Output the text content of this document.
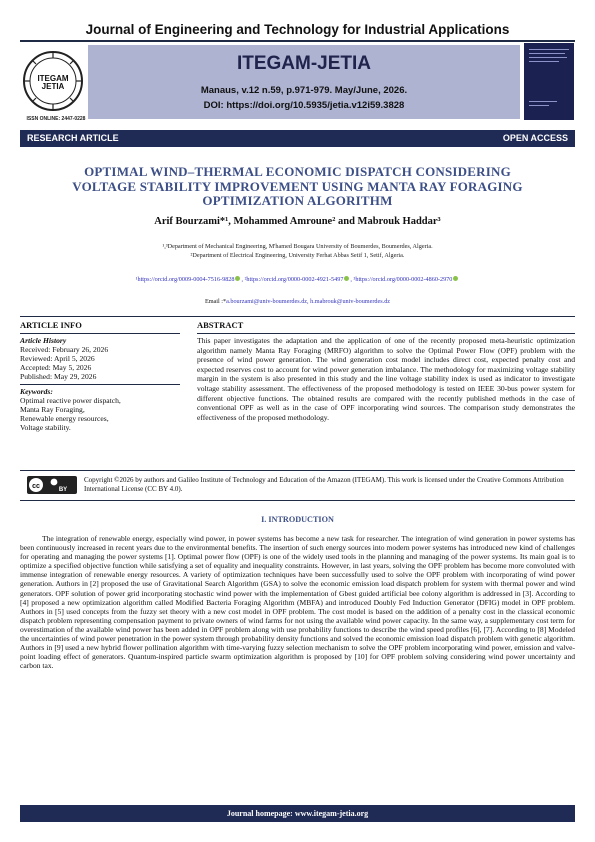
Journal of Engineering and Technology for Industrial Applications
ITEGAM
JETIA
ISSN ONLINE: 2447-0228
ITEGAM-JETIA
Manaus, v.12 n.59, p.971-979. May/June, 2026.
DOI: https://doi.org/10.5935/jetia.v12i59.3828

RESEARCH ARTICLE	OPEN ACCESS
OPTIMAL WIND–THERMAL ECONOMIC DISPATCH CONSIDERING
VOLTAGE STABILITY IMPROVEMENT USING MANTA RAY FORAGING
OPTIMIZATION ALGORITHM
Arif Bourzami*¹, Mohammed Amroune² and Mabrouk Haddar³
¹,³Department of Mechanical Engineering, M'hamed Bougara University of Boumerdes, Boumerdes, Algeria.
²Department of Electrical Engineering, University Ferhat Abbas Setif 1, Setif, Algeria.
¹https://orcid.org/0009-0004-7516-9828 , ²https://orcid.org/0000-0002-4921-5497 , ³https://orcid.org/0000-0002-4860-2970
Email :*a.bourzami@univ-boumerdes.dz, h.mabrouk@univ-boumerdes.dz
ARTICLE INFO	ABSTRACT
Article History
Received: February 26, 2026
Reviewed: April 5, 2026
Accepted: May 5, 2026
Published: May 29, 2026
Keywords:
Optimal reactive power dispatch,
Manta Ray Foraging,
Renewable energy resources,
Voltage stability.
This paper investigates the adaptation and the application of one of the recently proposed meta-heuristic optimization algorithm namely Manta Ray Foraging (MRFO) algorithm to solve the Optimal Power Flow (OPF) problem with the presence of wind power generation. The wind generation cost model includes direct cost, expected penalty cost and expected reserves cost to account for wind power generation imbalance. The methodology for maximizing voltage stability margin in the system is also presented in this study and the line voltage stability index is used as indicator to investigate voltage stability assessment. The effectiveness of the proposed methodology is tested on IEEE 30-bus power system for different objective functions. The obtained results are compared with the recently published methods in the case of conventional OPF as well as in the case of OPF incorporating wind sources. The comparison study demonstrates the effectiveness of the proposed methodology.
cc	BY
Copyright ©2026 by authors and Galileo Institute of Technology and Education of the Amazon (ITEGAM). This work is licensed under the Creative Commons Attribution International License (CC BY 4.0).
I. INTRODUCTION
The integration of renewable energy, especially wind power, in power systems has become a new task for researcher. The integration of wind generation in power systems has been continuously increased in recent years due to the environmental benefits. The insertion of such energy sources into modern power systems has introduced new kind of challenges for operating and managing the power systems [1]. Optimal power flow (OPF) is one of the widely used tools in the planning and managing of the power systems. Its main goal is to optimize a specified objective function while satisfying a set of equality and inequality constraints. However, in last years, solving the OPF problem has become more convoluted with immense integration of renewable energy resources. A variety of optimization techniques have been successfully used to solve the OPF problem with incorporating of wind power generation. Authors in [2] proposed the use of Gravitational Search Algorithm (GSA) to solve the economic emission load dispatch problem for system with thermal power and wind generators. OPF solution of power grid incorporating stochastic wind power with the implementation of Gbest guided artificial bee colony algorithm is addressed in [3]. According to [4] proposed a new optimization algorithm called Modified Bacteria Foraging Algorithm (MBFA) and introduced Doubly Fed Induction Generator (DFIG) model in OPF problem. Authors in [5] used concepts from the fuzzy set theory with a new cost model in OPF problem. The cost model is based on the addition of a penalty cost in the classical economic dispatch problem representing compensation payment to private owners of wind farms for not using the available wind power capacity. In the same way, a supplementary cost term for overestimation of the available wind power has been added in OPF problem along with use probability functions to describe the wind speed profiles [6], [7]. According to [8] Modeled the uncertainties of wind power penetration in the power system through probability density functions and solved the economic emission load dispatch problem with genetic algorithm. Authors in [9] used a new hybrid flower pollination algorithm with time-varying fuzzy selection mechanism to solve the OPF problem incorporating wind power, emission and valve-point loading effect of generators. Quantum-inspired particle swarm optimization algorithm is proposed by [10] for OPF problem solving considering wind power uncertainty and carbon tax.
Journal homepage: www.itegam-jetia.org
